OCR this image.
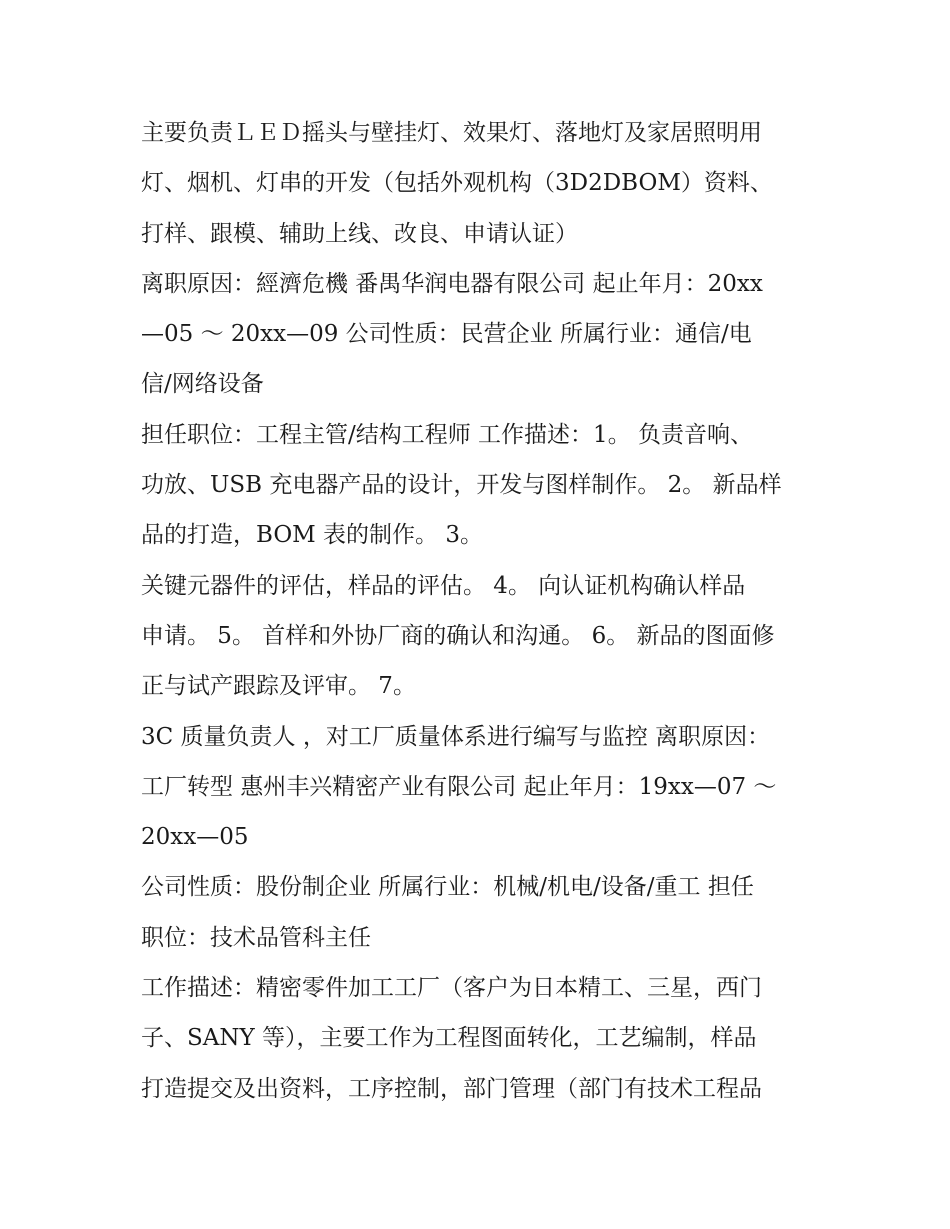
主要负责ＬＥＤ摇头与壁挂灯、效果灯、落地灯及家居照明用
灯、烟机、灯串的开发（包括外观机构（3D2DBOM）资料、
打样、跟模、辅助上线、改良、申请认证）
离职原因：經濟危機 番禺华润电器有限公司 起止年月：20xx
—05 ～ 20xx—09 公司性质：民营企业 所属行业：通信/电
信/网络设备
担任职位：工程主管/结构工程师 工作描述：1。 负责音响、
功放、USB 充电器产品的设计，开发与图样制作。 2。 新品样
品的打造，BOM 表的制作。 3。
关键元器件的评估，样品的评估。 4。 向认证机构确认样品
申请。 5。 首样和外协厂商的确认和沟通。 6。 新品的图面修
正与试产跟踪及评审。 7。
3C 质量负责人 ，对工厂质量体系进行编写与监控 离职原因：
工厂转型 惠州丰兴精密产业有限公司 起止年月：19xx—07 ～
20xx—05
公司性质：股份制企业 所属行业：机械/机电/设备/重工 担任
职位：技术品管科主任
工作描述：精密零件加工工厂（客户为日本精工、三星，西门
子、SANY 等），主要工作为工程图面转化，工艺编制，样品
打造提交及出资料，工序控制，部门管理（部门有技术工程品
